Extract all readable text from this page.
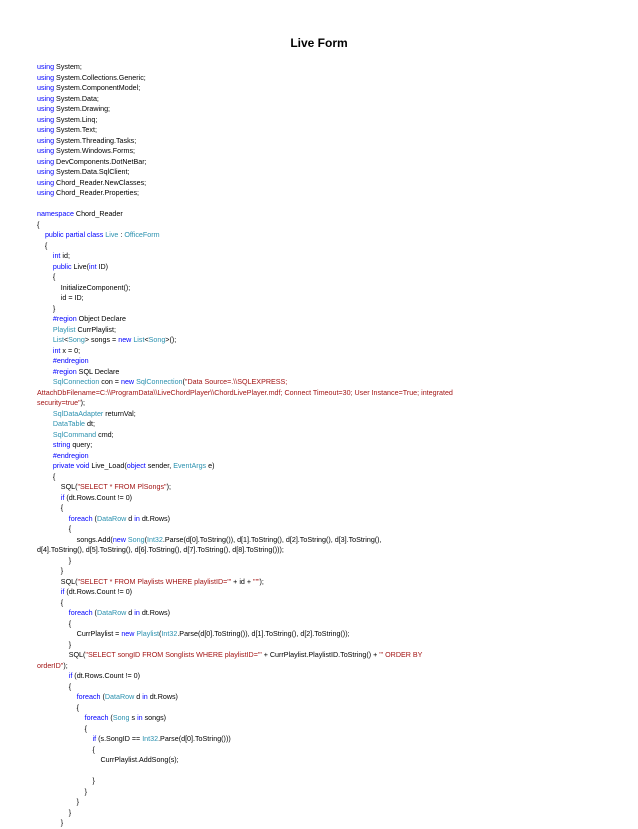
Live Form
using System;
using System.Collections.Generic;
using System.ComponentModel;
using System.Data;
using System.Drawing;
using System.Linq;
using System.Text;
using System.Threading.Tasks;
using System.Windows.Forms;
using DevComponents.DotNetBar;
using System.Data.SqlClient;
using Chord_Reader.NewClasses;
using Chord_Reader.Properties;

namespace Chord_Reader
{
public partial class Live : OfficeForm
{
int id;
public Live(int ID)
{
InitializeComponent();
id = ID;
}
#region Object Declare
Playlist CurrPlaylist;
List<Song> songs = new List<Song>();
int x = 0;
#endregion
#region SQL Declare
SqlConnection con = new SqlConnection("Data Source=.\\SQLEXPRESS;
AttachDbFilename=C:\\ProgramData\\LiveChordPlayer\\ChordLivePlayer.mdf; Connect Timeout=30; User Instance=True; integrated
security=true");
SqlDataAdapter returnVal;
DataTable dt;
SqlCommand cmd;
string query;
#endregion
private void Live_Load(object sender, EventArgs e)
{
SQL("SELECT * FROM PlSongs");
if (dt.Rows.Count != 0)
{
foreach (DataRow d in dt.Rows)
{
songs.Add(new Song(Int32.Parse(d[0].ToString()), d[1].ToString(), d[2].ToString(), d[3].ToString(),
d[4].ToString(), d[5].ToString(), d[6].ToString(), d[7].ToString(), d[8].ToString()));
}
}
SQL("SELECT * FROM Playlists WHERE playlistID='" + id + "'");
if (dt.Rows.Count != 0)
{
foreach (DataRow d in dt.Rows)
{
CurrPlaylist = new Playlist(Int32.Parse(d[0].ToString()), d[1].ToString(), d[2].ToString());
}
SQL("SELECT songID FROM Songlists WHERE playlistID='" + CurrPlaylist.PlaylistID.ToString() + "' ORDER BY
orderID");
if (dt.Rows.Count != 0)
{
foreach (DataRow d in dt.Rows)
{
foreach (Song s in songs)
{
if (s.SongID == Int32.Parse(d[0].ToString()))
{
CurrPlaylist.AddSong(s);

}
}
}
}
}
